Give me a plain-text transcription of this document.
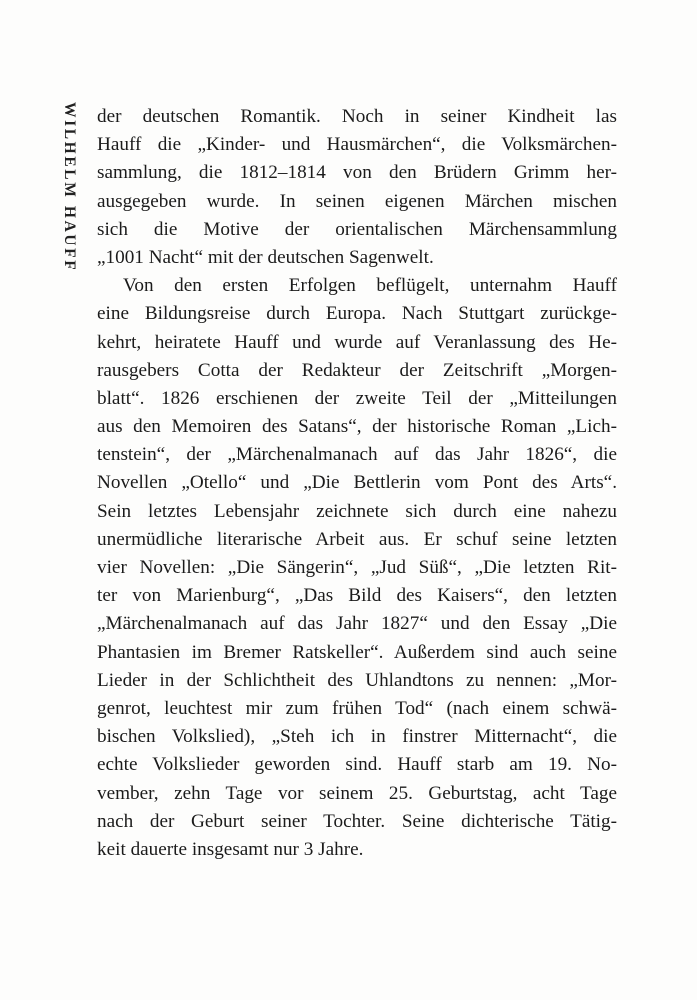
WILHELM HAUFF der deutschen Romantik. Noch in seiner Kindheit las
Hauff die „Kinder- und Hausmärchen“, die Volksmärchen-
sammlung, die 1812–1814 von den Brüdern Grimm her-
ausgegeben wurde. In seinen eigenen Märchen mischen
sich die Motive der orientalischen Märchensammlung
„1001 Nacht“ mit der deutschen Sagenwelt.
Von den ersten Erfolgen beflügelt, unternahm Hauff
eine Bildungsreise durch Europa. Nach Stuttgart zurückge-
kehrt, heiratete Hauff und wurde auf Veranlassung des He-
rausgebers Cotta der Redakteur der Zeitschrift „Morgen-
blatt“. 1826 erschienen der zweite Teil der „Mitteilungen
aus den Memoiren des Satans“, der historische Roman „Lich-
tenstein“, der „Märchenalmanach auf das Jahr 1826“, die
Novellen „Otello“ und „Die Bettlerin vom Pont des Arts“.
Sein letztes Lebensjahr zeichnete sich durch eine nahezu
unermüdliche literarische Arbeit aus. Er schuf seine letzten
vier Novellen: „Die Sängerin“, „Jud Süß“, „Die letzten Rit-
ter von Marienburg“, „Das Bild des Kaisers“, den letzten
„Märchenalmanach auf das Jahr 1827“ und den Essay „Die
Phantasien im Bremer Ratskeller“. Außerdem sind auch seine
Lieder in der Schlichtheit des Uhlandtons zu nennen: „Mor-
genrot, leuchtest mir zum frühen Tod“ (nach einem schwä-
bischen Volkslied), „Steh ich in finstrer Mitternacht“, die
echte Volkslieder geworden sind. Hauff starb am 19. No-
vember, zehn Tage vor seinem 25. Geburtstag, acht Tage
nach der Geburt seiner Tochter. Seine dichterische Tätig-
keit dauerte insgesamt nur 3 Jahre.
